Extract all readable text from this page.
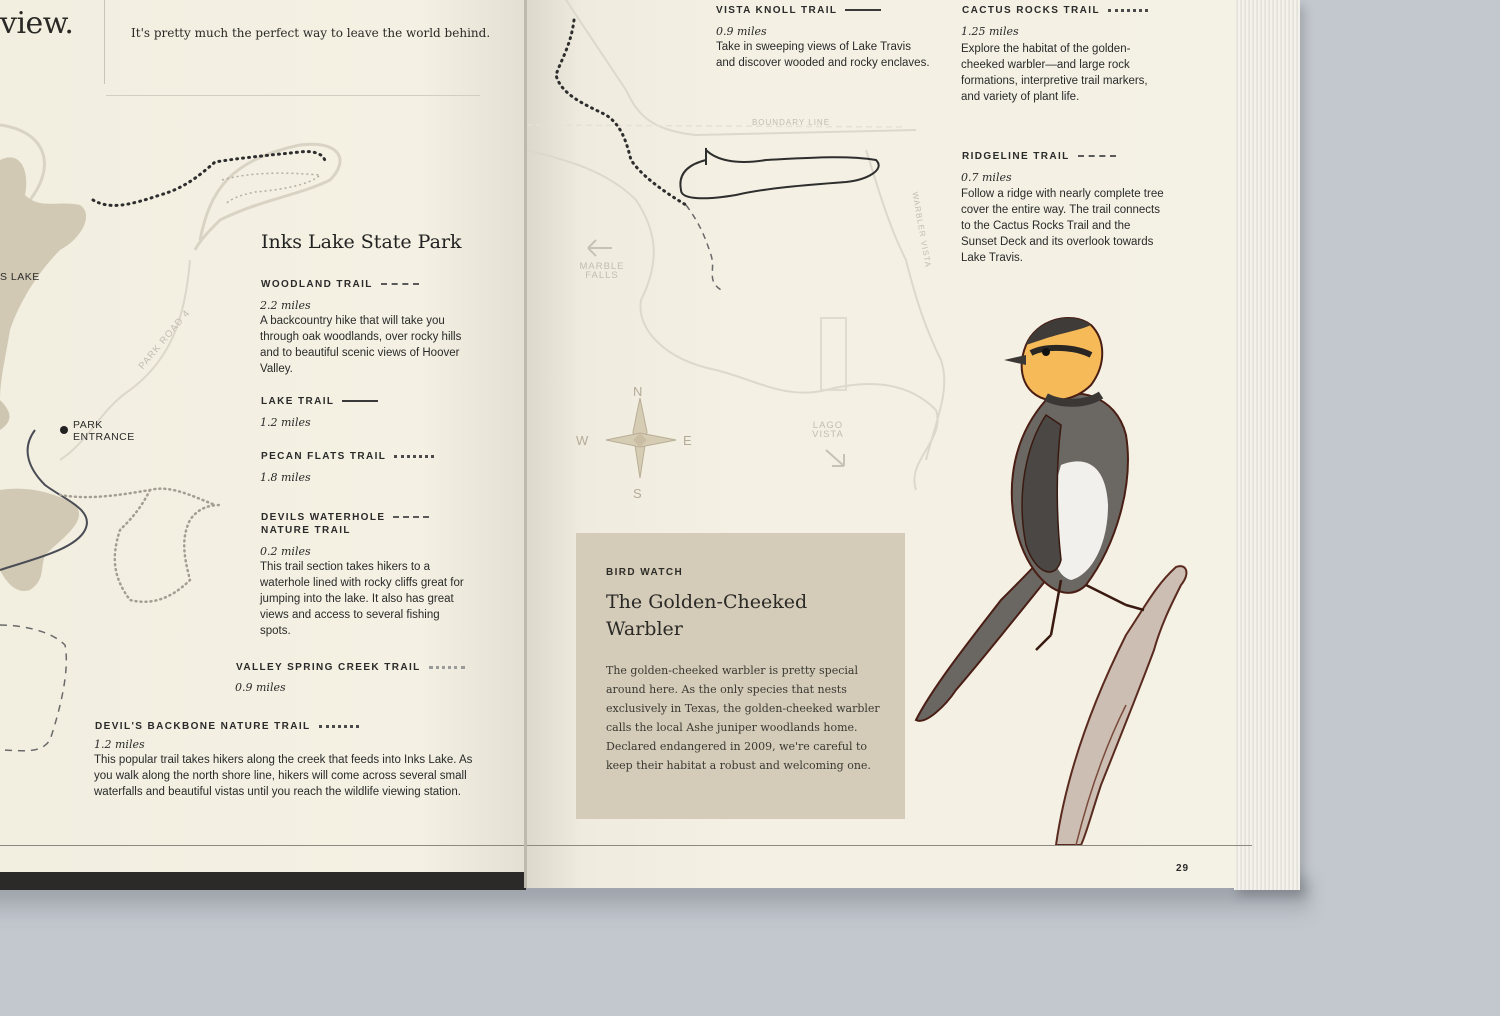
view.	It's pretty much the perfect way to leave the world behind.
S LAKE
PARK
ENTRANCE
PARK ROAD 4
Inks Lake State Park
WOODLAND TRAIL
2.2 miles
A backcountry hike that will take you through oak woodlands, over rocky hills and to beautiful scenic views of Hoover Valley.
LAKE TRAIL
1.2 miles
PECAN FLATS TRAIL
1.8 miles
DEVILS WATERHOLE
NATURE TRAIL
0.2 miles
This trail section takes hikers to a waterhole lined with rocky cliffs great for jumping into the lake. It also has great views and access to several fishing spots.
VALLEY SPRING CREEK TRAIL
0.9 miles
DEVIL'S BACKBONE NATURE TRAIL
1.2 miles
This popular trail takes hikers along the creek that feeds into Inks Lake. As you walk along the north shore line, hikers will come across several small waterfalls and beautiful vistas until you reach the wildlife viewing station.
N
S
E
W
MARBLE
FALLS
LAGO
VISTA
BOUNDARY LINE
WARBLER VISTA
VISTA KNOLL TRAIL
0.9 miles
Take in sweeping views of Lake Travis and discover wooded and rocky enclaves.
CACTUS ROCKS TRAIL
1.25 miles
Explore the habitat of the golden-cheeked warbler—and large rock formations, interpretive trail markers, and variety of plant life.
RIDGELINE TRAIL
0.7 miles
Follow a ridge with nearly complete tree cover the entire way. The trail connects to the Cactus Rocks Trail and the Sunset Deck and its overlook towards Lake Travis.
BIRD WATCH
The Golden-Cheeked Warbler
The golden-cheeked warbler is pretty special around here. As the only species that nests exclusively in Texas, the golden-cheeked warbler calls the local Ashe juniper woodlands home. Declared endangered in 2009, we're careful to keep their habitat a robust and welcoming one.
29
